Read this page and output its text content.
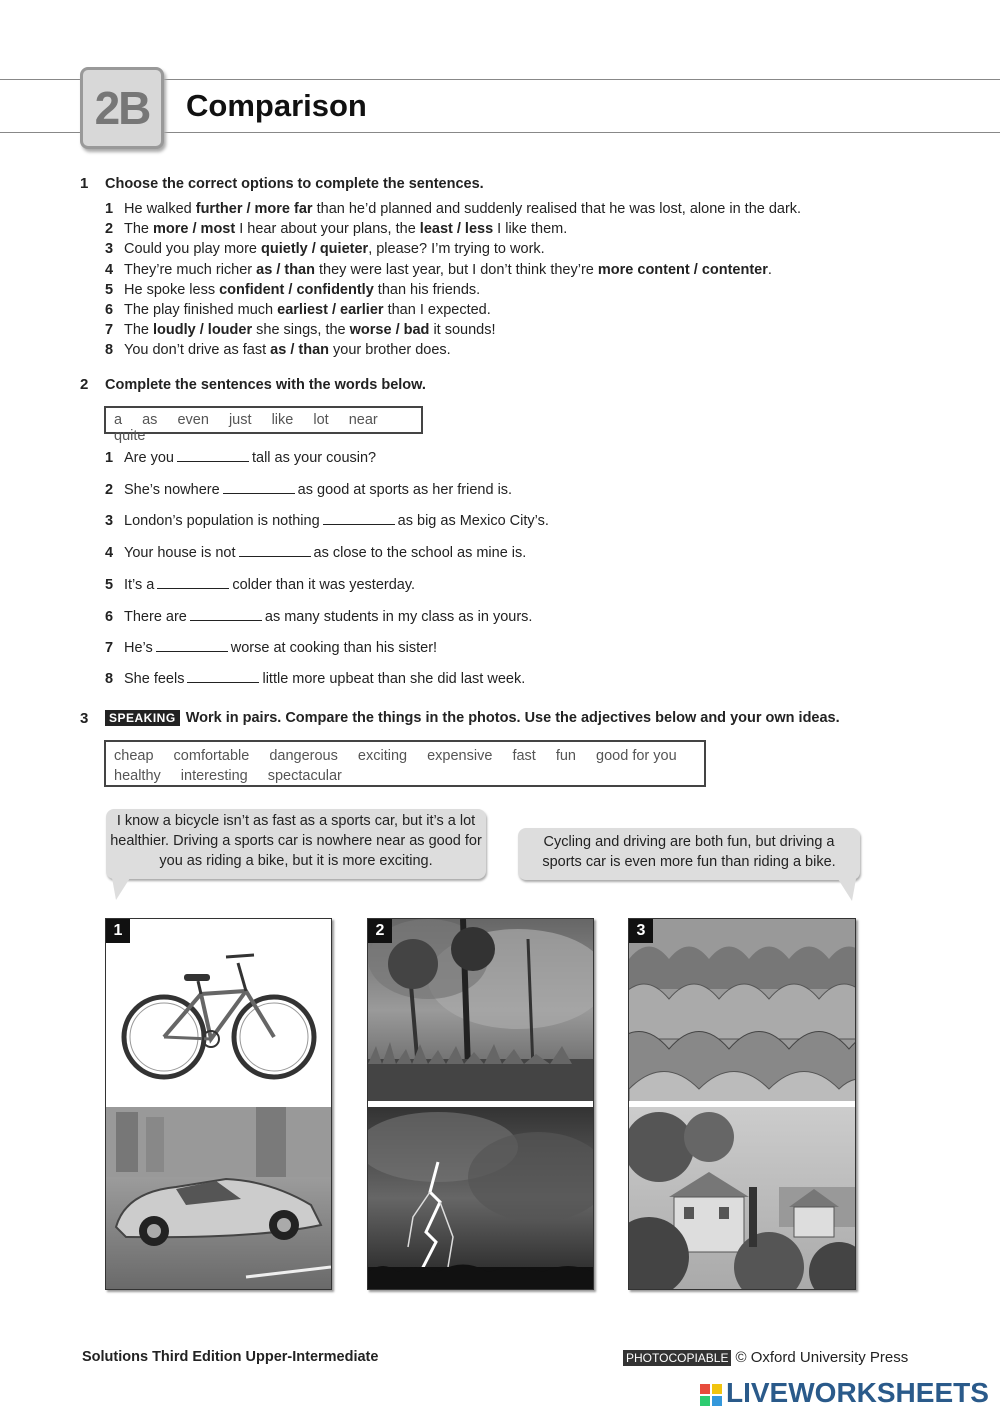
2B	Comparison
1 Choose the correct options to complete the sentences.
1 He walked further / more far than he’d planned and suddenly realised that he was lost, alone in the dark.
2 The more / most I hear about your plans, the least / less I like them.
3 Could you play more quietly / quieter, please? I’m trying to work.
4 They’re much richer as / than they were last year, but I don’t think they’re more content / contenter.
5 He spoke less confident / confidently than his friends.
6 The play finished much earliest / earlier than I expected.
7 The loudly / louder she sings, the worse / bad it sounds!
8 You don’t drive as fast as / than your brother does.
2 Complete the sentences with the words below.
a as even just like lot near quite
1 Are you	tall as your cousin?
2 She’s nowhere	as good at sports as her friend is.
3 London’s population is nothing	as big as Mexico City’s.
4 Your house is not	as close to the school as mine is.
5 It’s a	colder than it was yesterday.
6 There are	as many students in my class as in yours.
7 He’s	worse at cooking than his sister!
8 She feels	little more upbeat than she did last week.
3	SPEAKING Work in pairs. Compare the things in the photos. Use the adjectives below and your own ideas.
cheap comfortable dangerous exciting expensive fast fun good for you
healthy interesting spectacular
I know a bicycle isn’t as fast as a sports car, but it’s a lot healthier. Driving a sports car is nowhere near as good for you as riding a bike, but it is more exciting.
Cycling and driving are both fun, but driving a sports car is even more fun than riding a bike.
1	2	3
Solutions Third Edition Upper-Intermediate	PHOTOCOPIABLE © Oxford University Press
LIVEWORKSHEETS
